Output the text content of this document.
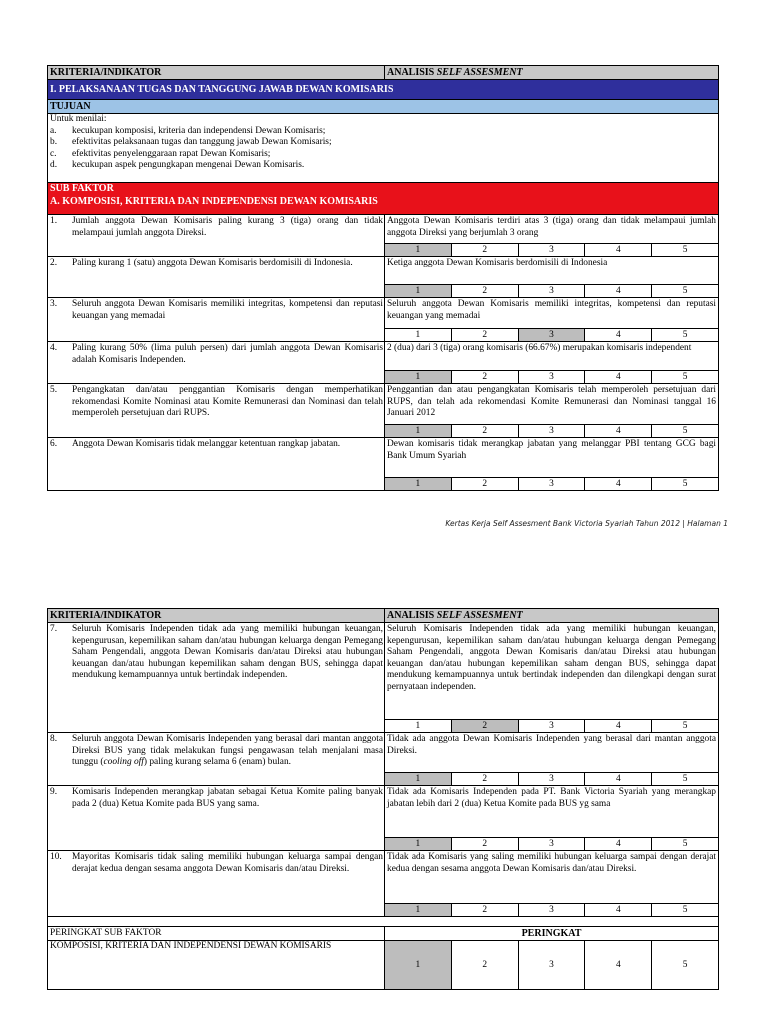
KRITERIA/INDIKATOR	ANALISIS SELF ASSESMENT
I. PELAKSANAAN TUGAS DAN TANGGUNG JAWAB DEWAN KOMISARIS
TUJUAN
Untuk menilai:
a. kecukupan komposisi, kriteria dan independensi Dewan Komisaris;
b. efektivitas pelaksanaan tugas dan tanggung jawab Dewan Komisaris;
c. efektivitas penyelenggaraan rapat Dewan Komisaris;
d. kecukupan aspek pengungkapan mengenai Dewan Komisaris.
SUB FAKTOR
A. KOMPOSISI, KRITERIA DAN INDEPENDENSI DEWAN KOMISARIS
1.	Jumlah anggota Dewan Komisaris paling kurang 3 (tiga) orang dan tidak melampaui jumlah anggota Direksi.
Anggota Dewan Komisaris terdiri atas 3 (tiga) orang dan tidak melampaui jumlah anggota Direksi yang berjumlah 3 orang
1	2	3	4	5
2.	Paling kurang 1 (satu) anggota Dewan Komisaris berdomisili di Indonesia.	Ketiga anggota Dewan Komisaris berdomisili di Indonesia
1	2	3	4	5
3.	Seluruh anggota Dewan Komisaris memiliki integritas, kompetensi dan reputasi keuangan yang memadai
Seluruh anggota Dewan Komisaris memiliki integritas, kompetensi dan reputasi keuangan yang memadai
1	2	3	4	5
4.	Paling kurang 50% (lima puluh persen) dari jumlah anggota Dewan Komisaris adalah Komisaris Independen.
2 (dua) dari 3 (tiga) orang komisaris (66.67%) merupakan komisaris independent
1	2	3	4	5
5.	Pengangkatan dan/atau penggantian Komisaris dengan memperhatikan rekomendasi Komite Nominasi atau Komite Remunerasi dan Nominasi dan telah memperoleh persetujuan dari RUPS.
Penggantian dan atau pengangkatan Komisaris telah memperoleh persetujuan dari RUPS, dan telah ada rekomendasi Komite Remunerasi dan Nominasi tanggal 16 Januari 2012
1	2	3	4	5
6.	Anggota Dewan Komisaris tidak melanggar ketentuan rangkap jabatan.	Dewan komisaris tidak merangkap jabatan yang melanggar PBI tentang GCG bagi Bank Umum Syariah
1	2	3	4	5
Kertas Kerja Self Assesment Bank Victoria Syariah Tahun 2012 | Halaman 1
KRITERIA/INDIKATOR	ANALISIS SELF ASSESMENT
7.	Seluruh Komisaris Independen tidak ada yang memiliki hubungan keuangan, kepengurusan, kepemilikan saham dan/atau hubungan keluarga dengan Pemegang Saham Pengendali, anggota Dewan Komisaris dan/atau Direksi atau hubungan keuangan dan/atau hubungan kepemilikan saham dengan BUS, sehingga dapat mendukung kemampuannya untuk bertindak independen.
Seluruh Komisaris Independen tidak ada yang memiliki hubungan keuangan, kepengurusan, kepemilikan saham dan/atau hubungan keluarga dengan Pemegang Saham Pengendali, anggota Dewan Komisaris dan/atau Direksi atau hubungan keuangan dan/atau hubungan kepemilikan saham dengan BUS, sehingga dapat mendukung kemampuannya untuk bertindak independen dan dilengkapi dengan surat pernyataan independen.
1	2	3	4	5
8.	Seluruh anggota Dewan Komisaris Independen yang berasal dari mantan anggota Direksi BUS yang tidak melakukan fungsi pengawasan telah menjalani masa tunggu (cooling off) paling kurang selama 6 (enam) bulan.
Tidak ada anggota Dewan Komisaris Independen yang berasal dari mantan anggota Direksi.
1	2	3	4	5
9.	Komisaris Independen merangkap jabatan sebagai Ketua Komite paling banyak pada 2 (dua) Ketua Komite pada BUS yang sama.
Tidak ada Komisaris Independen pada PT. Bank Victoria Syariah yang merangkap jabatan lebih dari 2 (dua) Ketua Komite pada BUS yg sama
1	2	3	4	5
10.	Mayoritas Komisaris tidak saling memiliki hubungan keluarga sampai dengan derajat kedua dengan sesama anggota Dewan Komisaris dan/atau Direksi.
Tidak ada Komisaris yang saling memiliki hubungan keluarga sampai dengan derajat kedua dengan sesama anggota Dewan Komisaris dan/atau Direksi.
1	2	3	4	5
PERINGKAT SUB FAKTOR
KOMPOSISI, KRITERIA DAN INDEPENDENSI DEWAN KOMISARIS
PERINGKAT
1	2	3	4	5
